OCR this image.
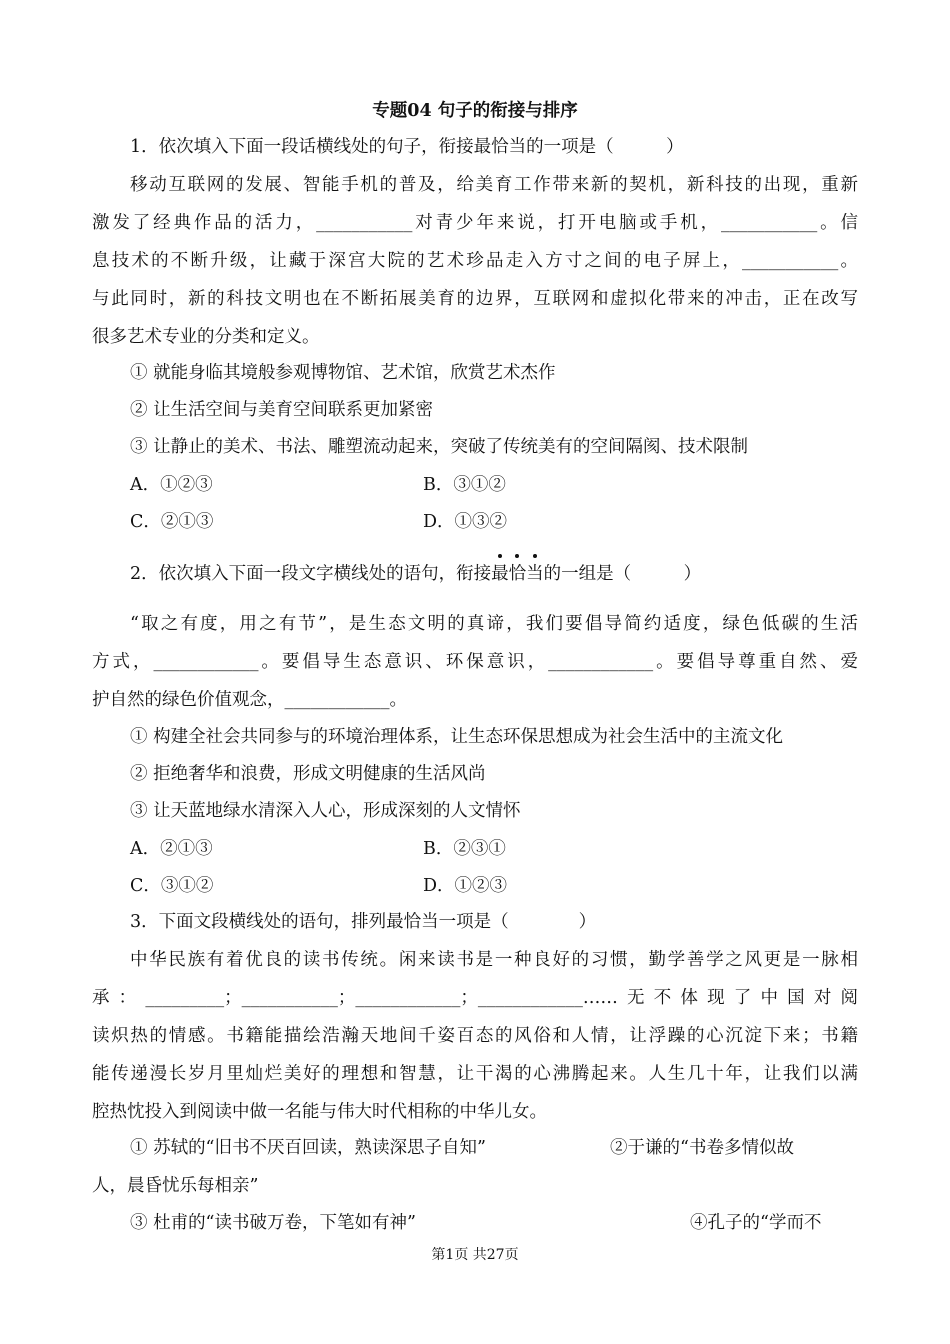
专题04 句子的衔接与排序
1．依次填入下面一段话横线处的句子，衔接最恰当的一项是（　　　）
移动互联网的发展、智能手机的普及，给美育工作带来新的契机，新科技的出现，重新
激发了经典作品的活力，___________对青少年来说，打开电脑或手机，___________。信
息技术的不断升级，让藏于深宫大院的艺术珍品走入方寸之间的电子屏上，___________。
与此同时，新的科技文明也在不断拓展美育的边界，互联网和虚拟化带来的冲击，正在改写
很多艺术专业的分类和定义。
① 就能身临其境般参观博物馆、艺术馆，欣赏艺术杰作
② 让生活空间与美育空间联系更加紧密
③ 让静止的美术、书法、雕塑流动起来，突破了传统美有的空间隔阂、技术限制
A．①②③	B．③①②
C．②①③	D．①③②
2．依次填入下面一段文字横线处的语句，衔接最恰当的一组是（　　　）
“取之有度，用之有节”，是生态文明的真谛，我们要倡导简约适度，绿色低碳的生活
方式，____________。要倡导生态意识、环保意识，____________。要倡导尊重自然、爱
护自然的绿色价值观念，____________。
① 构建全社会共同参与的环境治理体系，让生态环保思想成为社会生活中的主流文化
② 拒绝奢华和浪费，形成文明健康的生活风尚
③ 让天蓝地绿水清深入人心，形成深刻的人文情怀
A．②①③	B．②③①
C．③①②	D．①②③
3．下面文段横线处的语句，排列最恰当一项是（　　　　）
中华民族有着优良的读书传统。闲来读书是一种良好的习惯，勤学善学之风更是一脉相
承：_________；___________；____________；____________……无不体现了中国对阅
读炽热的情感。书籍能描绘浩瀚天地间千姿百态的风俗和人情，让浮躁的心沉淀下来；书籍
能传递漫长岁月里灿烂美好的理想和智慧，让干渴的心沸腾起来。人生几十年，让我们以满
腔热忱投入到阅读中做一名能与伟大时代相称的中华儿女。
① 苏轼的“旧书不厌百回读，熟读深思子自知”	②于谦的“书卷多情似故
人，晨昏忧乐每相亲”
③ 杜甫的“读书破万卷，下笔如有神”	④孔子的“学而不
第1页 共27页
